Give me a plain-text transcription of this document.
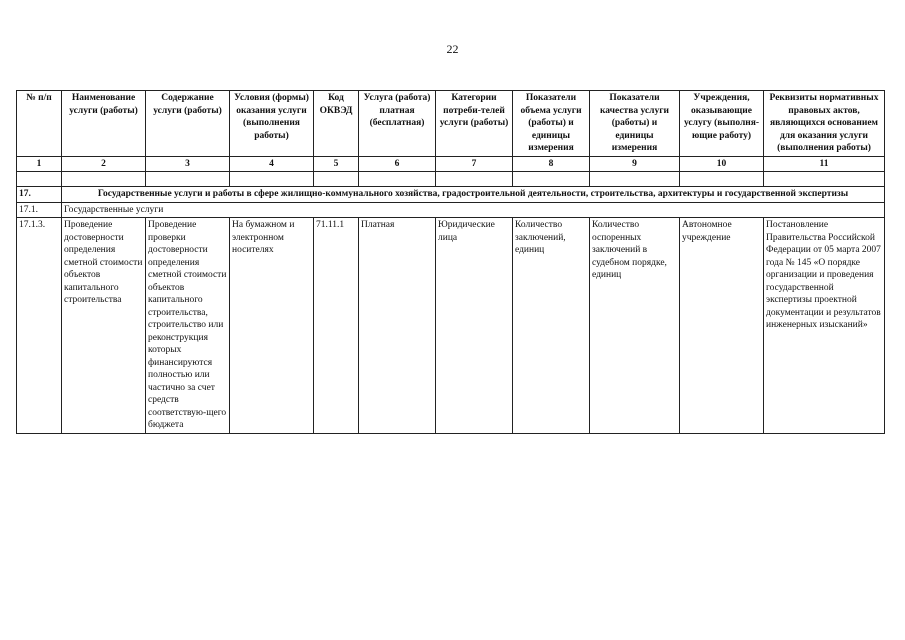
22
№ п/п	Наименование услуги (работы)	Содержание услуги (работы)	Условия (формы) оказания услуги (выполнения работы)	Код ОКВЭД	Услуга (работа) платная (бесплатная)	Категории потреби-телей услуги (работы)	Показатели объема услуги (работы) и единицы измерения	Показатели качества услуги (работы) и единицы измерения	Учреждения, оказывающие услугу (выполня-ющие работу)	Реквизиты нормативных правовых актов, являющихся основанием для оказания услуги (выполнения работы)
1	2	3	4	5	6	7	8	9	10	11

17.	Государственные услуги и работы в сфере жилищно-коммунального хозяйства, градостроительной деятельности, строительства, архитектуры и государственной экспертизы									
17.1.	Государственные услуги									
17.1.3.	Проведение достоверности определения сметной стоимости объектов капитального строительства	Проведение проверки достоверности определения сметной стоимости объектов капитального строительства, строительство или реконструкция которых финансируются полностью или частично за счет средств соответствую-щего бюджета	На бумажном и электронном носителях	71.11.1	Платная	Юридические лица	Количество заключений, единиц	Количество оспоренных заключений в судебном порядке, единиц	Автономное учреждение	Постановление Правительства Российской Федерации от 05 марта 2007 года № 145 «О порядке организации и проведения государственной экспертизы проектной документации и результатов инженерных изысканий»
